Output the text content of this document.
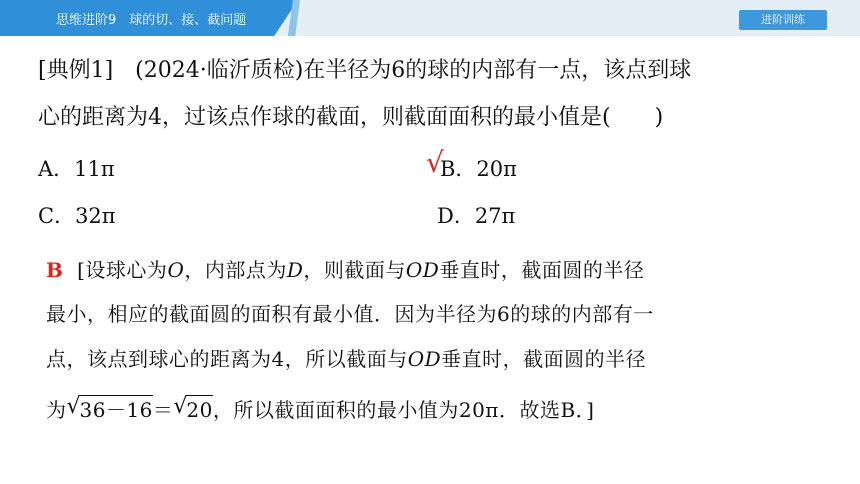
思维进阶9　球的切、接、截问题	进阶训练
[典例1]　(2024·临沂质检)在半径为6的球的内部有一点，该点到球
心的距离为4，过该点作球的截面，则截面面积的最小值是(　　)
A．11π	B．20π
√
C．32π	D．27π
B [设球心为O，内部点为D，则截面与OD垂直时，截面圆的半径
最小，相应的截面圆的面积有最小值．因为半径为6的球的内部有一
点，该点到球心的距离为4，所以截面与OD垂直时，截面圆的半径
为 √ 36－16＝ √ 20，所以截面面积的最小值为20π．故选B．]
